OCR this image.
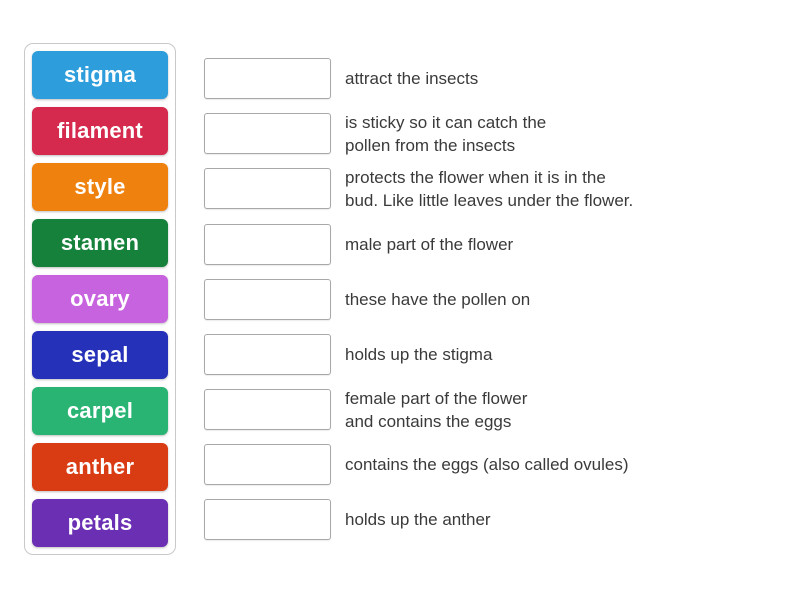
stigma
filament
style
stamen
ovary
sepal
carpel
anther
petals
attract the insects
is sticky so it can catch the
pollen from the insects
protects the flower when it is in the
bud. Like little leaves under the flower.
male part of the flower
these have the pollen on
holds up the stigma
female part of the flower
and contains the eggs
contains the eggs (also called ovules)
holds up the anther
